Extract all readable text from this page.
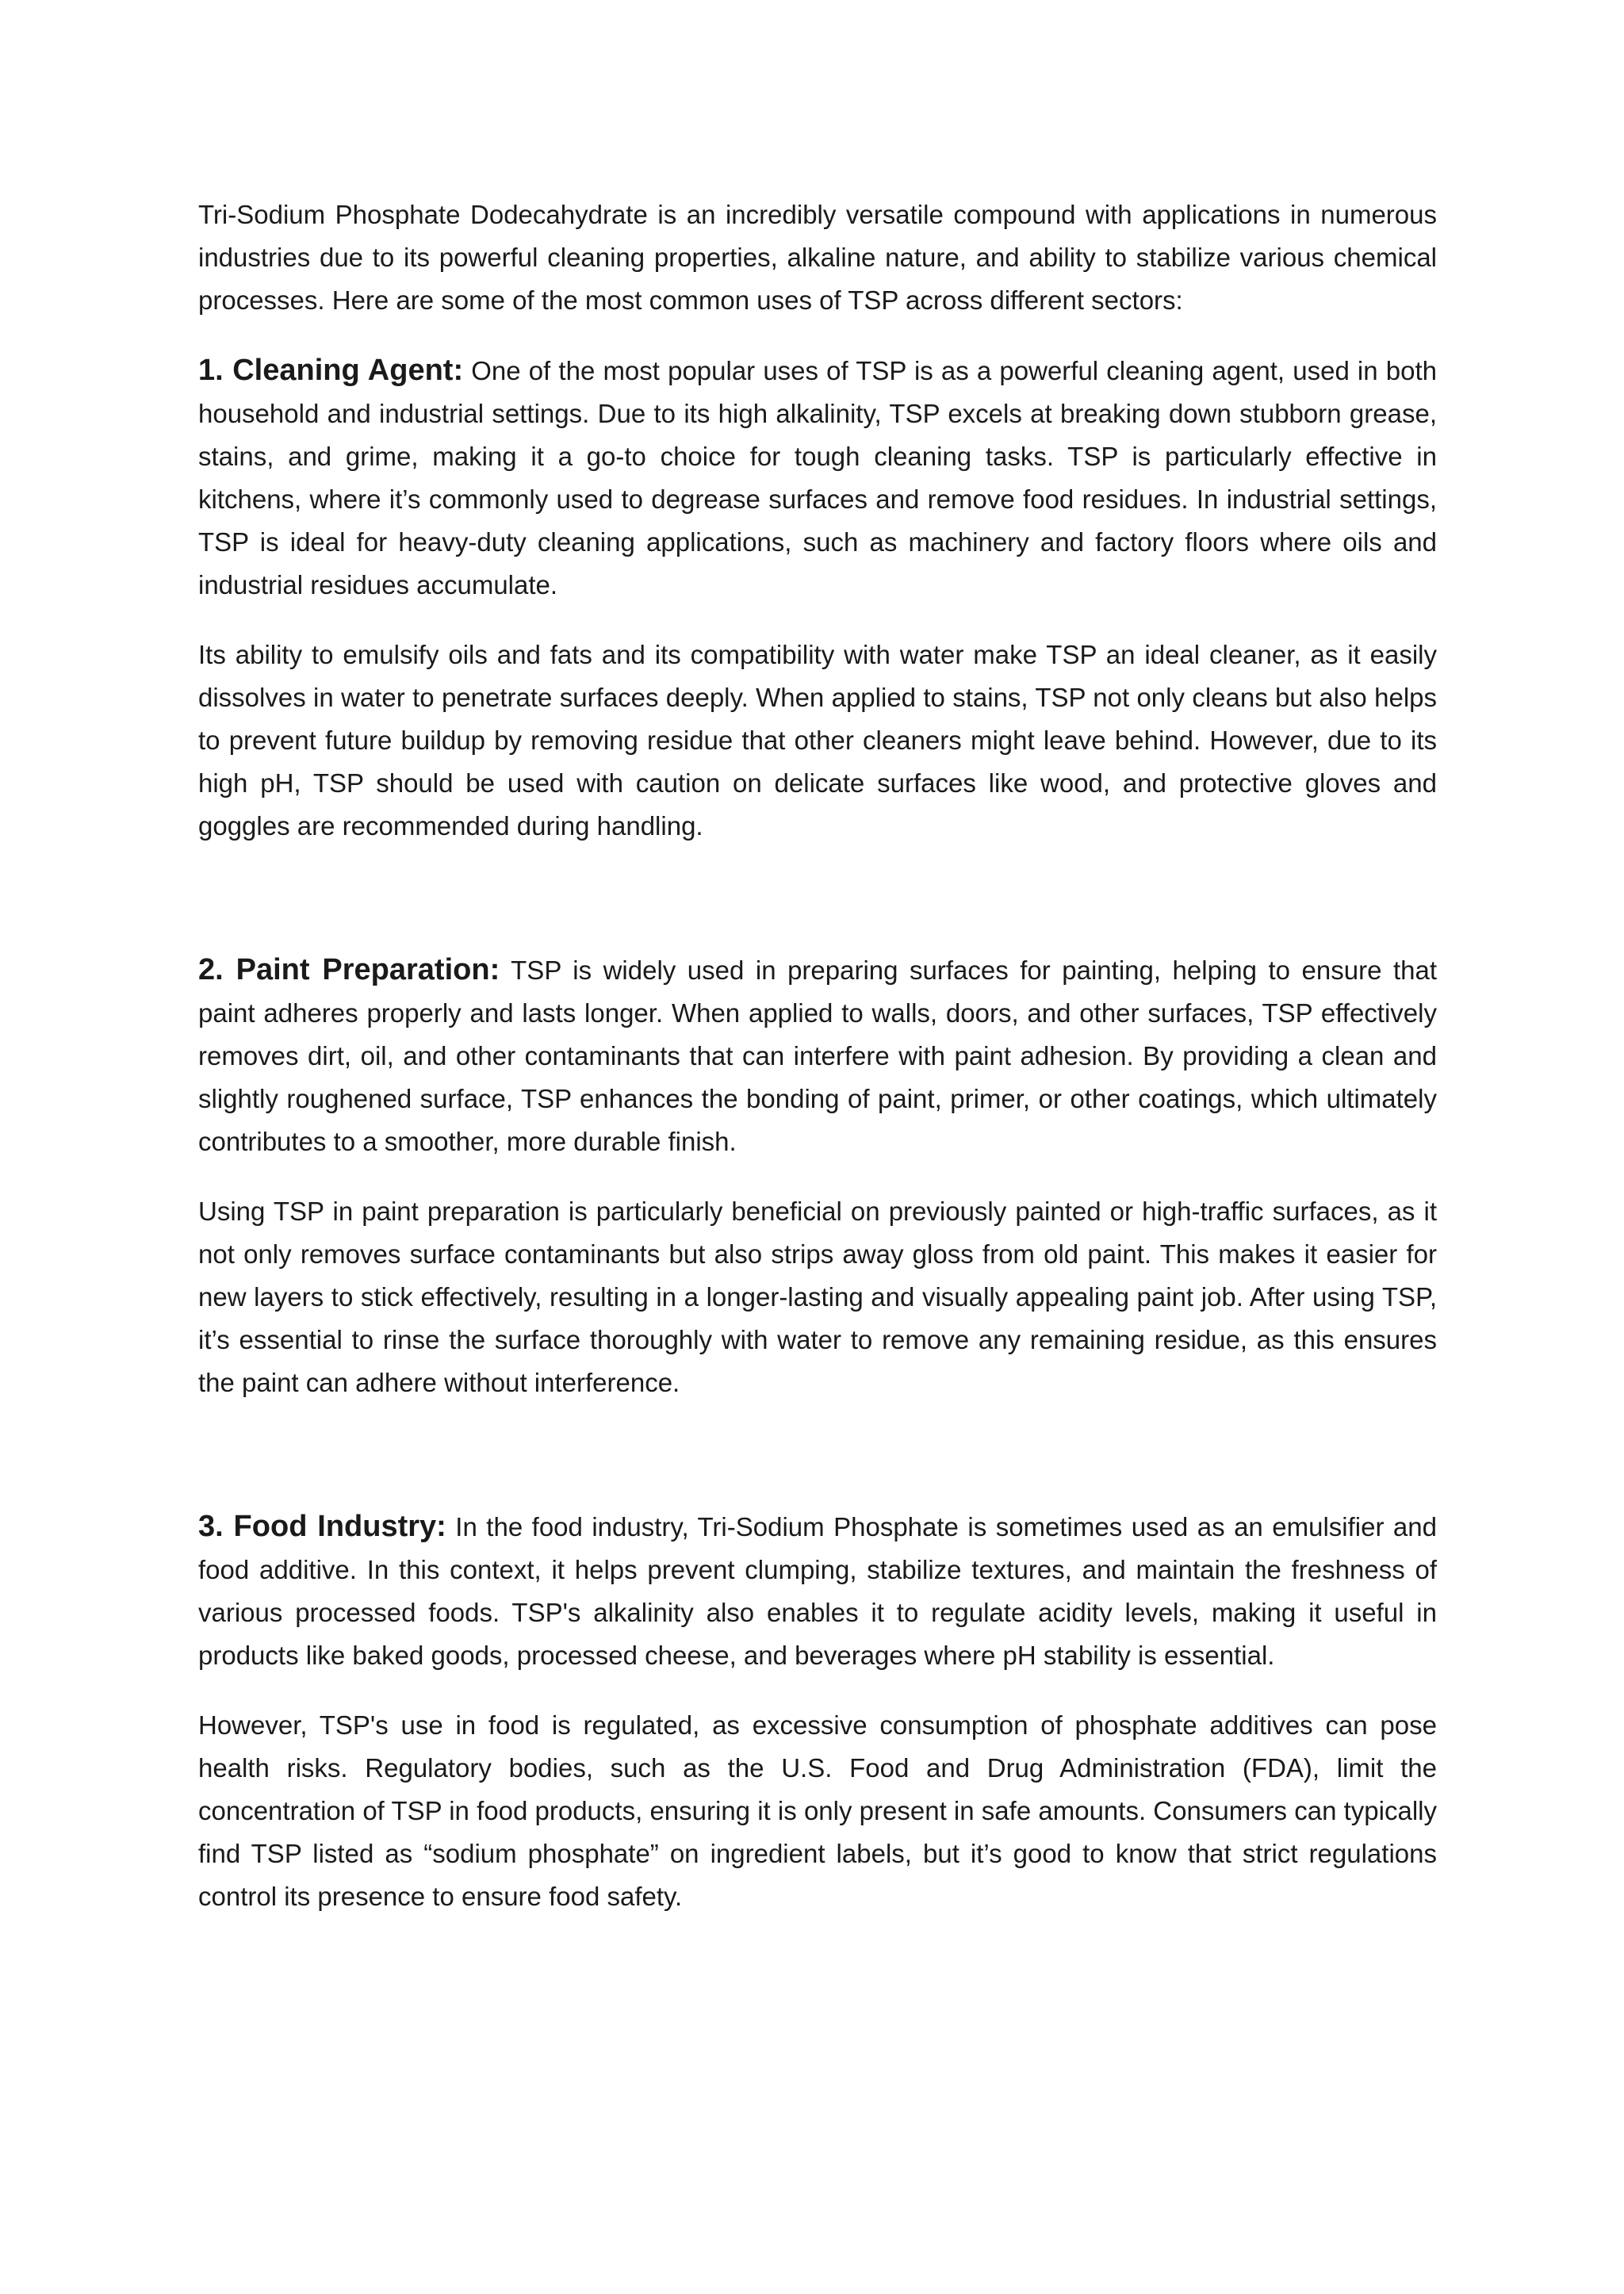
Tri-Sodium Phosphate Dodecahydrate is an incredibly versatile compound with applications in numerous industries due to its powerful cleaning properties, alkaline nature, and ability to stabilize various chemical processes. Here are some of the most common uses of TSP across different sectors:

1. Cleaning Agent: One of the most popular uses of TSP is as a powerful cleaning agent, used in both household and industrial settings. Due to its high alkalinity, TSP excels at breaking down stubborn grease, stains, and grime, making it a go-to choice for tough cleaning tasks. TSP is particularly effective in kitchens, where it’s commonly used to degrease surfaces and remove food residues. In industrial settings, TSP is ideal for heavy-duty cleaning applications, such as machinery and factory floors where oils and industrial residues accumulate.

Its ability to emulsify oils and fats and its compatibility with water make TSP an ideal cleaner, as it easily dissolves in water to penetrate surfaces deeply. When applied to stains, TSP not only cleans but also helps to prevent future buildup by removing residue that other cleaners might leave behind. However, due to its high pH, TSP should be used with caution on delicate surfaces like wood, and protective gloves and goggles are recommended during handling.

2. Paint Preparation: TSP is widely used in preparing surfaces for painting, helping to ensure that paint adheres properly and lasts longer. When applied to walls, doors, and other surfaces, TSP effectively removes dirt, oil, and other contaminants that can interfere with paint adhesion. By providing a clean and slightly roughened surface, TSP enhances the bonding of paint, primer, or other coatings, which ultimately contributes to a smoother, more durable finish.

Using TSP in paint preparation is particularly beneficial on previously painted or high-traffic surfaces, as it not only removes surface contaminants but also strips away gloss from old paint. This makes it easier for new layers to stick effectively, resulting in a longer-lasting and visually appealing paint job. After using TSP, it’s essential to rinse the surface thoroughly with water to remove any remaining residue, as this ensures the paint can adhere without interference.

3. Food Industry: In the food industry, Tri-Sodium Phosphate is sometimes used as an emulsifier and food additive. In this context, it helps prevent clumping, stabilize textures, and maintain the freshness of various processed foods. TSP's alkalinity also enables it to regulate acidity levels, making it useful in products like baked goods, processed cheese, and beverages where pH stability is essential.

However, TSP's use in food is regulated, as excessive consumption of phosphate additives can pose health risks. Regulatory bodies, such as the U.S. Food and Drug Administration (FDA), limit the concentration of TSP in food products, ensuring it is only present in safe amounts. Consumers can typically find TSP listed as “sodium phosphate” on ingredient labels, but it’s good to know that strict regulations control its presence to ensure food safety.
